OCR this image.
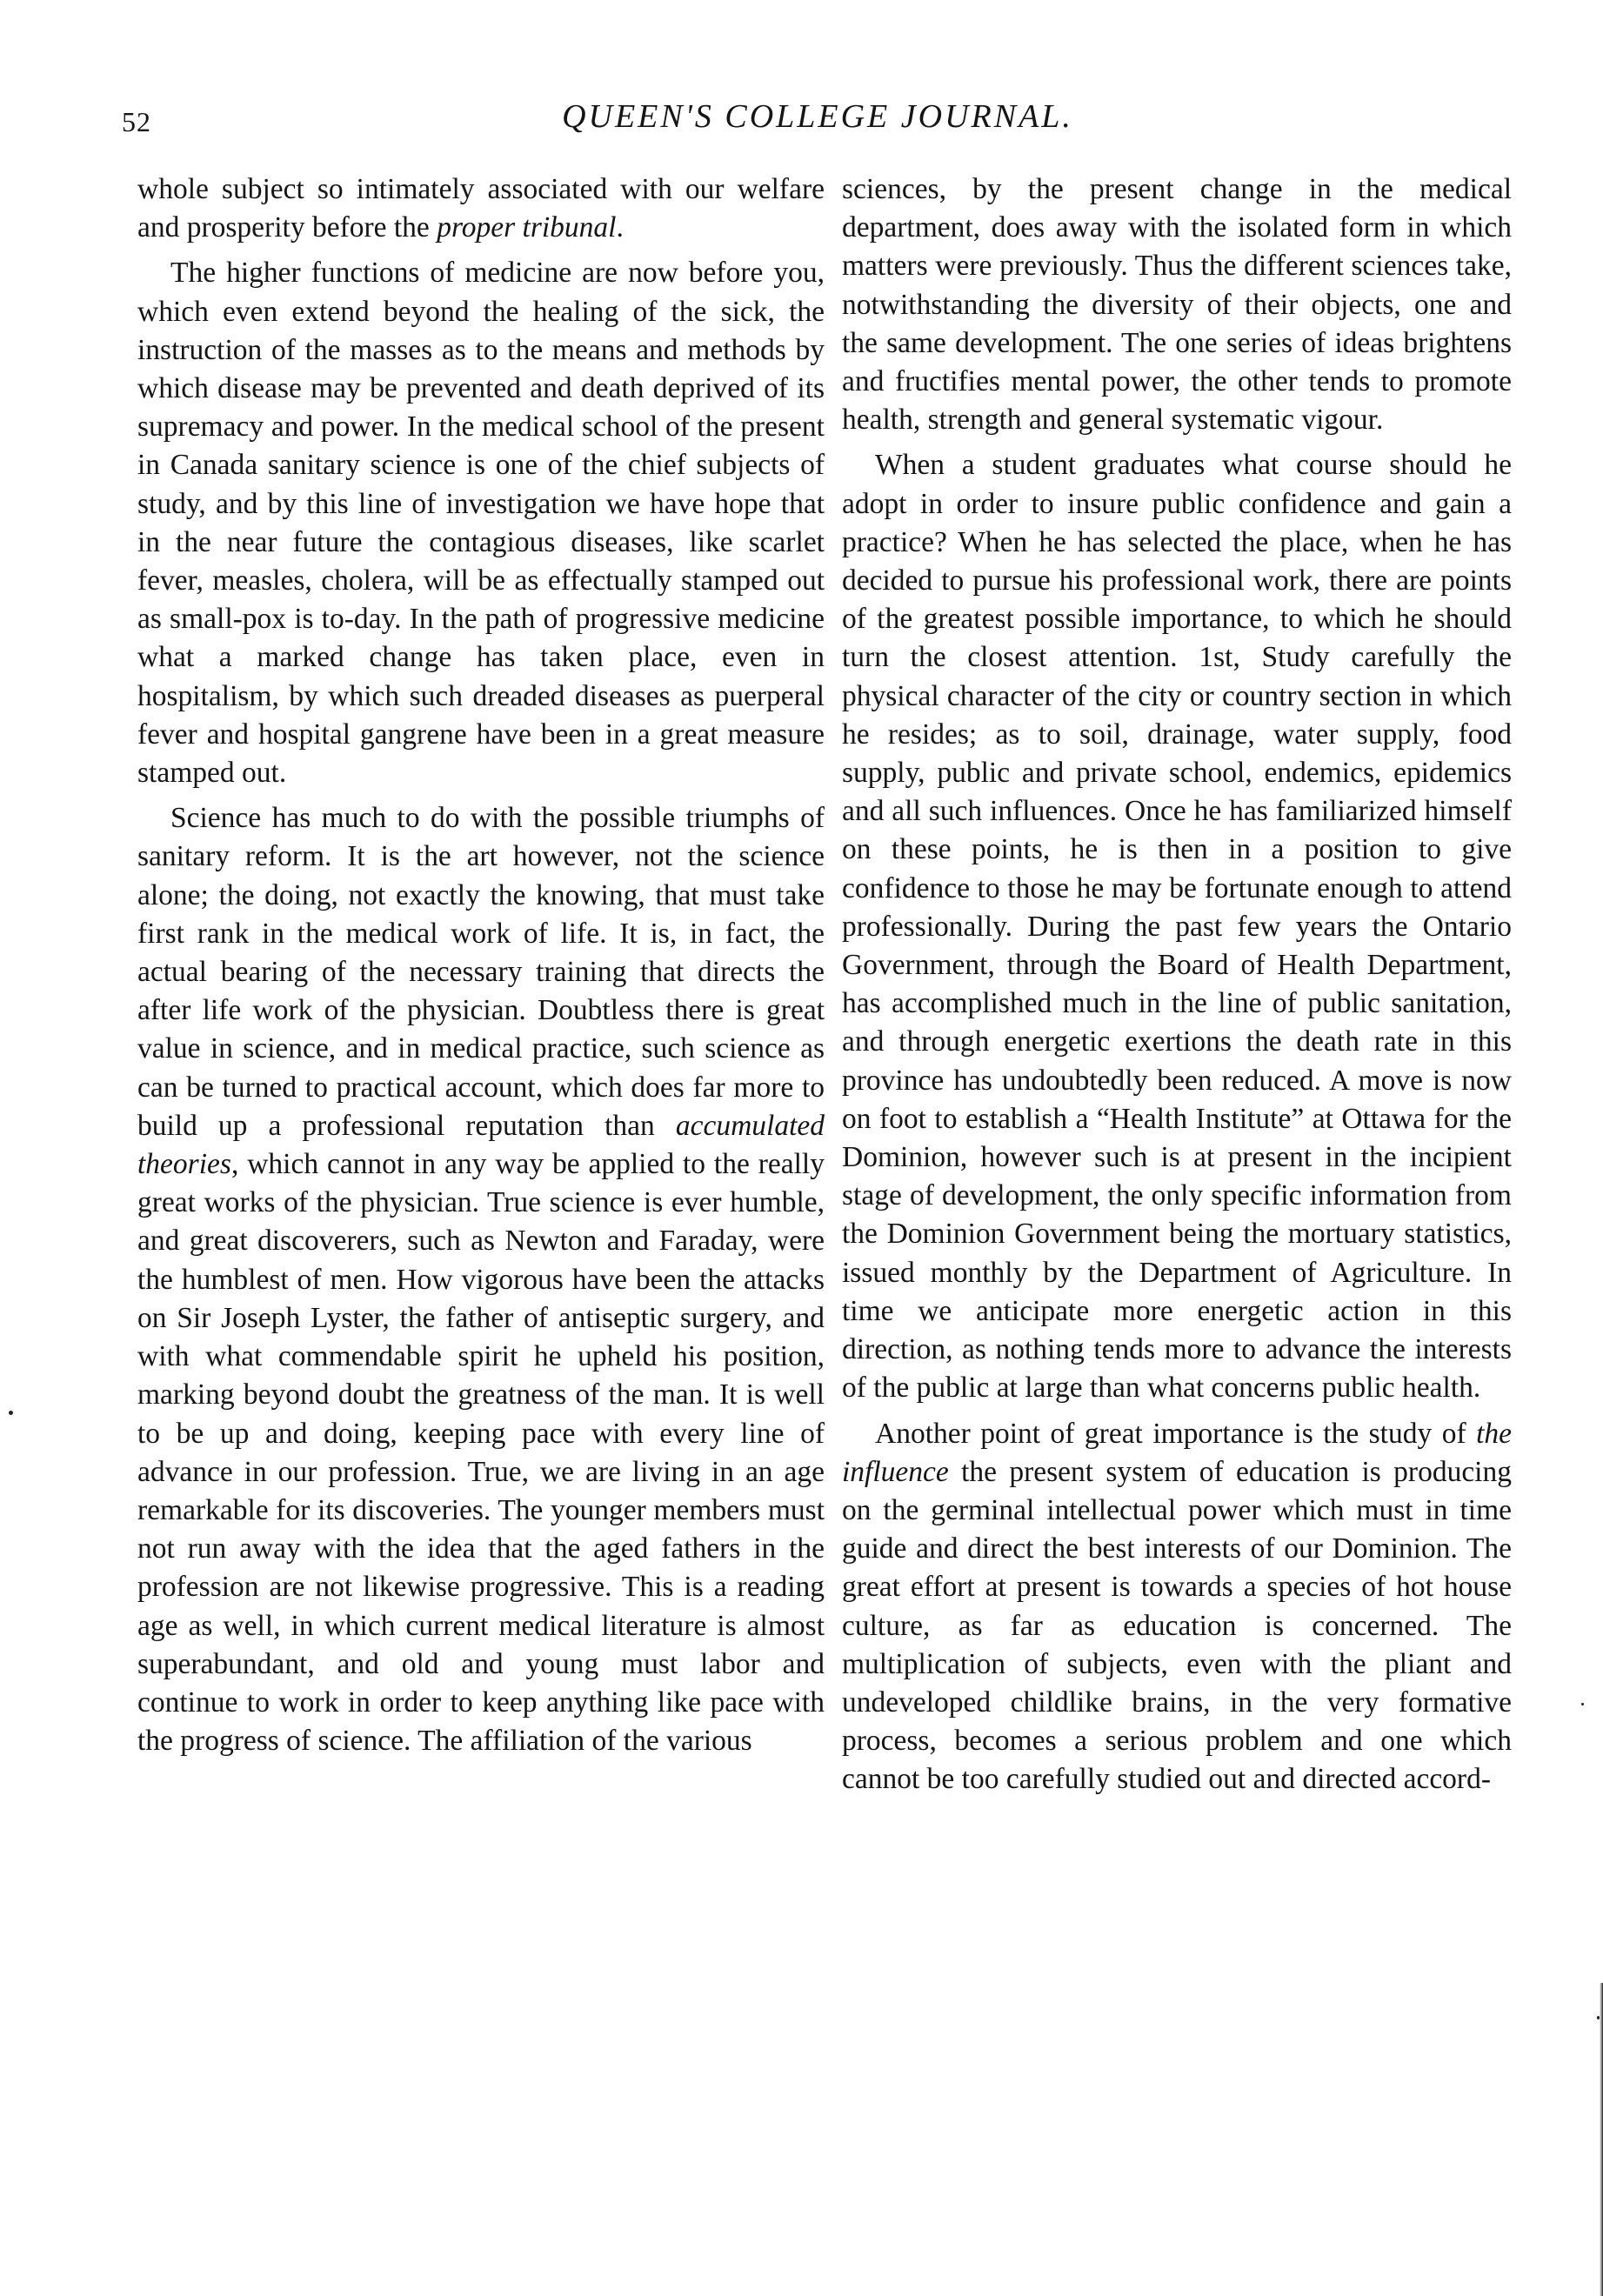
52	QUEEN'S COLLEGE JOURNAL.

whole subject so intimately associated with our welfare and prosperity before the proper tribunal.

The higher functions of medicine are now before you, which even extend beyond the healing of the sick, the instruction of the masses as to the means and methods by which disease may be prevented and death deprived of its supremacy and power. In the medical school of the present in Canada sanitary science is one of the chief subjects of study, and by this line of investigation we have hope that in the near future the contagious diseases, like scarlet fever, measles, cholera, will be as effectually stamped out as small-pox is to-day. In the path of progressive medicine what a marked change has taken place, even in hospitalism, by which such dreaded diseases as puerperal fever and hospital gangrene have been in a great measure stamped out.

Science has much to do with the possible triumphs of sanitary reform. It is the art however, not the science alone; the doing, not exactly the knowing, that must take first rank in the medical work of life. It is, in fact, the actual bearing of the necessary training that directs the after life work of the physician. Doubtless there is great value in science, and in medical practice, such science as can be turned to practical account, which does far more to build up a professional reputation than accumulated theories, which cannot in any way be applied to the really great works of the physician. True science is ever humble, and great discoverers, such as Newton and Faraday, were the humblest of men. How vigorous have been the attacks on Sir Joseph Lyster, the father of antiseptic surgery, and with what commendable spirit he upheld his position, marking beyond doubt the greatness of the man. It is well to be up and doing, keeping pace with every line of advance in our profession. True, we are living in an age remarkable for its discoveries. The younger members must not run away with the idea that the aged fathers in the profession are not likewise progressive. This is a reading age as well, in which current medical literature is almost superabundant, and old and young must labor and continue to work in order to keep anything like pace with the progress of science. The affiliation of the various

sciences, by the present change in the medical department, does away with the isolated form in which matters were previously. Thus the different sciences take, notwithstanding the diversity of their objects, one and the same development. The one series of ideas brightens and fructifies mental power, the other tends to promote health, strength and general systematic vigour.

When a student graduates what course should he adopt in order to insure public confidence and gain a practice? When he has selected the place, when he has decided to pursue his professional work, there are points of the greatest possible importance, to which he should turn the closest attention. 1st, Study carefully the physical character of the city or country section in which he resides; as to soil, drainage, water supply, food supply, public and private school, endemics, epidemics and all such influences. Once he has familiarized himself on these points, he is then in a position to give confidence to those he may be fortunate enough to attend professionally. During the past few years the Ontario Government, through the Board of Health Department, has accomplished much in the line of public sanitation, and through energetic exertions the death rate in this province has undoubtedly been reduced. A move is now on foot to establish a “Health Institute” at Ottawa for the Dominion, however such is at present in the incipient stage of development, the only specific information from the Dominion Government being the mortuary statistics, issued monthly by the Department of Agriculture. In time we anticipate more energetic action in this direction, as nothing tends more to advance the interests of the public at large than what concerns public health.

Another point of great importance is the study of the influence the present system of education is producing on the germinal intellectual power which must in time guide and direct the best interests of our Dominion. The great effort at present is towards a species of hot house culture, as far as education is concerned. The multiplication of subjects, even with the pliant and undeveloped childlike brains, in the very formative process, becomes a serious problem and one which cannot be too carefully studied out and directed accord-
